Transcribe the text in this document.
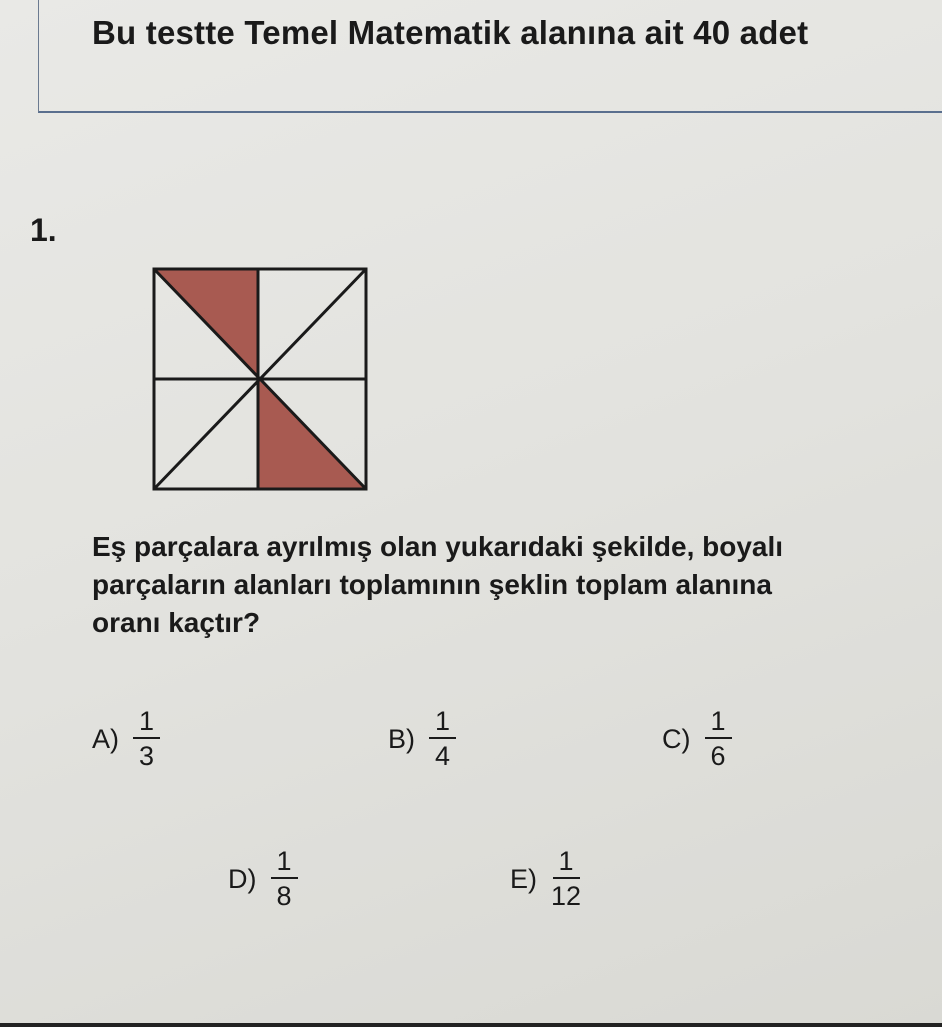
Bu testte Temel Matematik alanına ait 40 adet
1.
Eş parçalara ayrılmış olan yukarıdaki şekilde, boyalı
parçaların alanları toplamının şeklin toplam alanına
oranı kaçtır?
$A) \frac{1}{3}$	$B) \frac{1}{4}$	$C) \frac{1}{6}$
$D) \frac{1}{8}$	$E) \frac{1}{12}$
